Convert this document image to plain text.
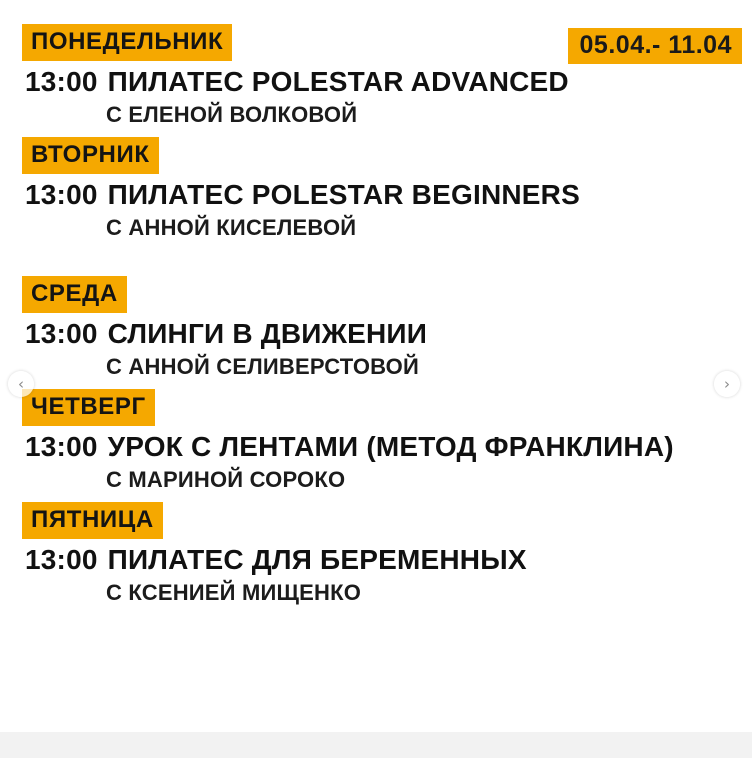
05.04.- 11.04
ПОНЕДЕЛЬНИК
13:00 ПИЛАТЕС POLESTAR ADVANCED
С ЕЛЕНОЙ ВОЛКОВОЙ
ВТОРНИК
13:00 ПИЛАТЕС POLESTAR BEGINNERS
С АННОЙ КИСЕЛЕВОЙ
СРЕДА
13:00 СЛИНГИ В ДВИЖЕНИИ
С АННОЙ СЕЛИВЕРСТОВОЙ
ЧЕТВЕРГ
13:00 УРОК С ЛЕНТАМИ (МЕТОД ФРАНКЛИНА)
С МАРИНОЙ СОРОКО
ПЯТНИЦА
13:00 ПИЛАТЕС ДЛЯ БЕРЕМЕННЫХ
С КСЕНИЕЙ МИЩЕНКО
‹	›
